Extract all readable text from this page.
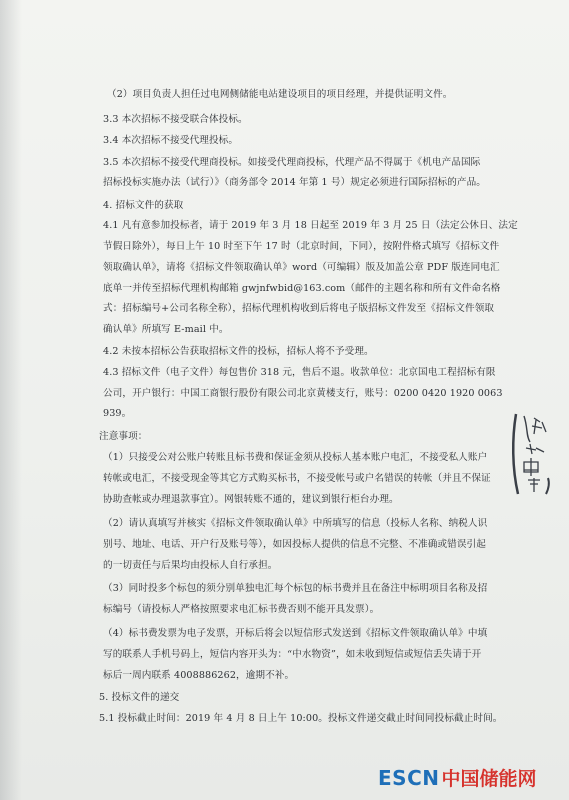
（2）项目负责人担任过电网侧储能电站建设项目的项目经理，并提供证明文件。
3.3 本次招标不接受联合体投标。
3.4 本次招标不接受代理投标。
3.5 本次招标不接受代理商投标。如接受代理商投标，代理产品不得属于《机电产品国际
招标投标实施办法（试行）》（商务部令 2014 年第 1 号）规定必须进行国际招标的产品。
4. 招标文件的获取
4.1 凡有意参加投标者，请于 2019 年 3 月 18 日起至 2019 年 3 月 25 日（法定公休日、法定
节假日除外），每日上午 10 时至下午 17 时（北京时间，下同），按附件格式填写《招标文件
领取确认单》，请将《招标文件领取确认单》word（可编辑）版及加盖公章 PDF 版连同电汇
底单一并传至招标代理机构邮箱 gwjnfwbid@163.com（邮件的主题名称和所有文件命名格
式：招标编号+公司名称全称），招标代理机构收到后将电子版招标文件发至《招标文件领取
确认单》所填写 E-mail 中。
4.2 未按本招标公告获取招标文件的投标，招标人将不予受理。
4.3 招标文件（电子文件）每包售价 318 元，售后不退。收款单位：北京国电工程招标有限
公司，开户银行：中国工商银行股份有限公司北京黄楼支行，账号：0200 0420 1920 0063
939。
注意事项：
（1）只接受公对公账户转账且标书费和保证金须从投标人基本账户电汇，不接受私人账户
转帐或电汇，不接受现金等其它方式购买标书，不接受帐号或户名错误的转帐（并且不保证
协助查帐或办理退款事宜）。网银转账不通的，建议到银行柜台办理。
（2）请认真填写并核实《招标文件领取确认单》中所填写的信息（投标人名称、纳税人识
别号、地址、电话、开户行及账号等），如因投标人提供的信息不完整、不准确或错误引起
的一切责任与后果均由投标人自行承担。
（3）同时投多个标包的须分别单独电汇每个标包的标书费并且在备注中标明项目名称及招
标编号（请投标人严格按照要求电汇标书费否则不能开具发票）。
（4）标书费发票为电子发票，开标后将会以短信形式发送到《招标文件领取确认单》中填
写的联系人手机号码上，短信内容开头为：“中水物资”，如未收到短信或短信丢失请于开
标后一周内联系 4008886262，逾期不补。
5. 投标文件的递交
5.1 投标截止时间：2019 年 4 月 8 日上午 10:00。投标文件递交截止时间同投标截止时间。
ESCN 中国储能网
